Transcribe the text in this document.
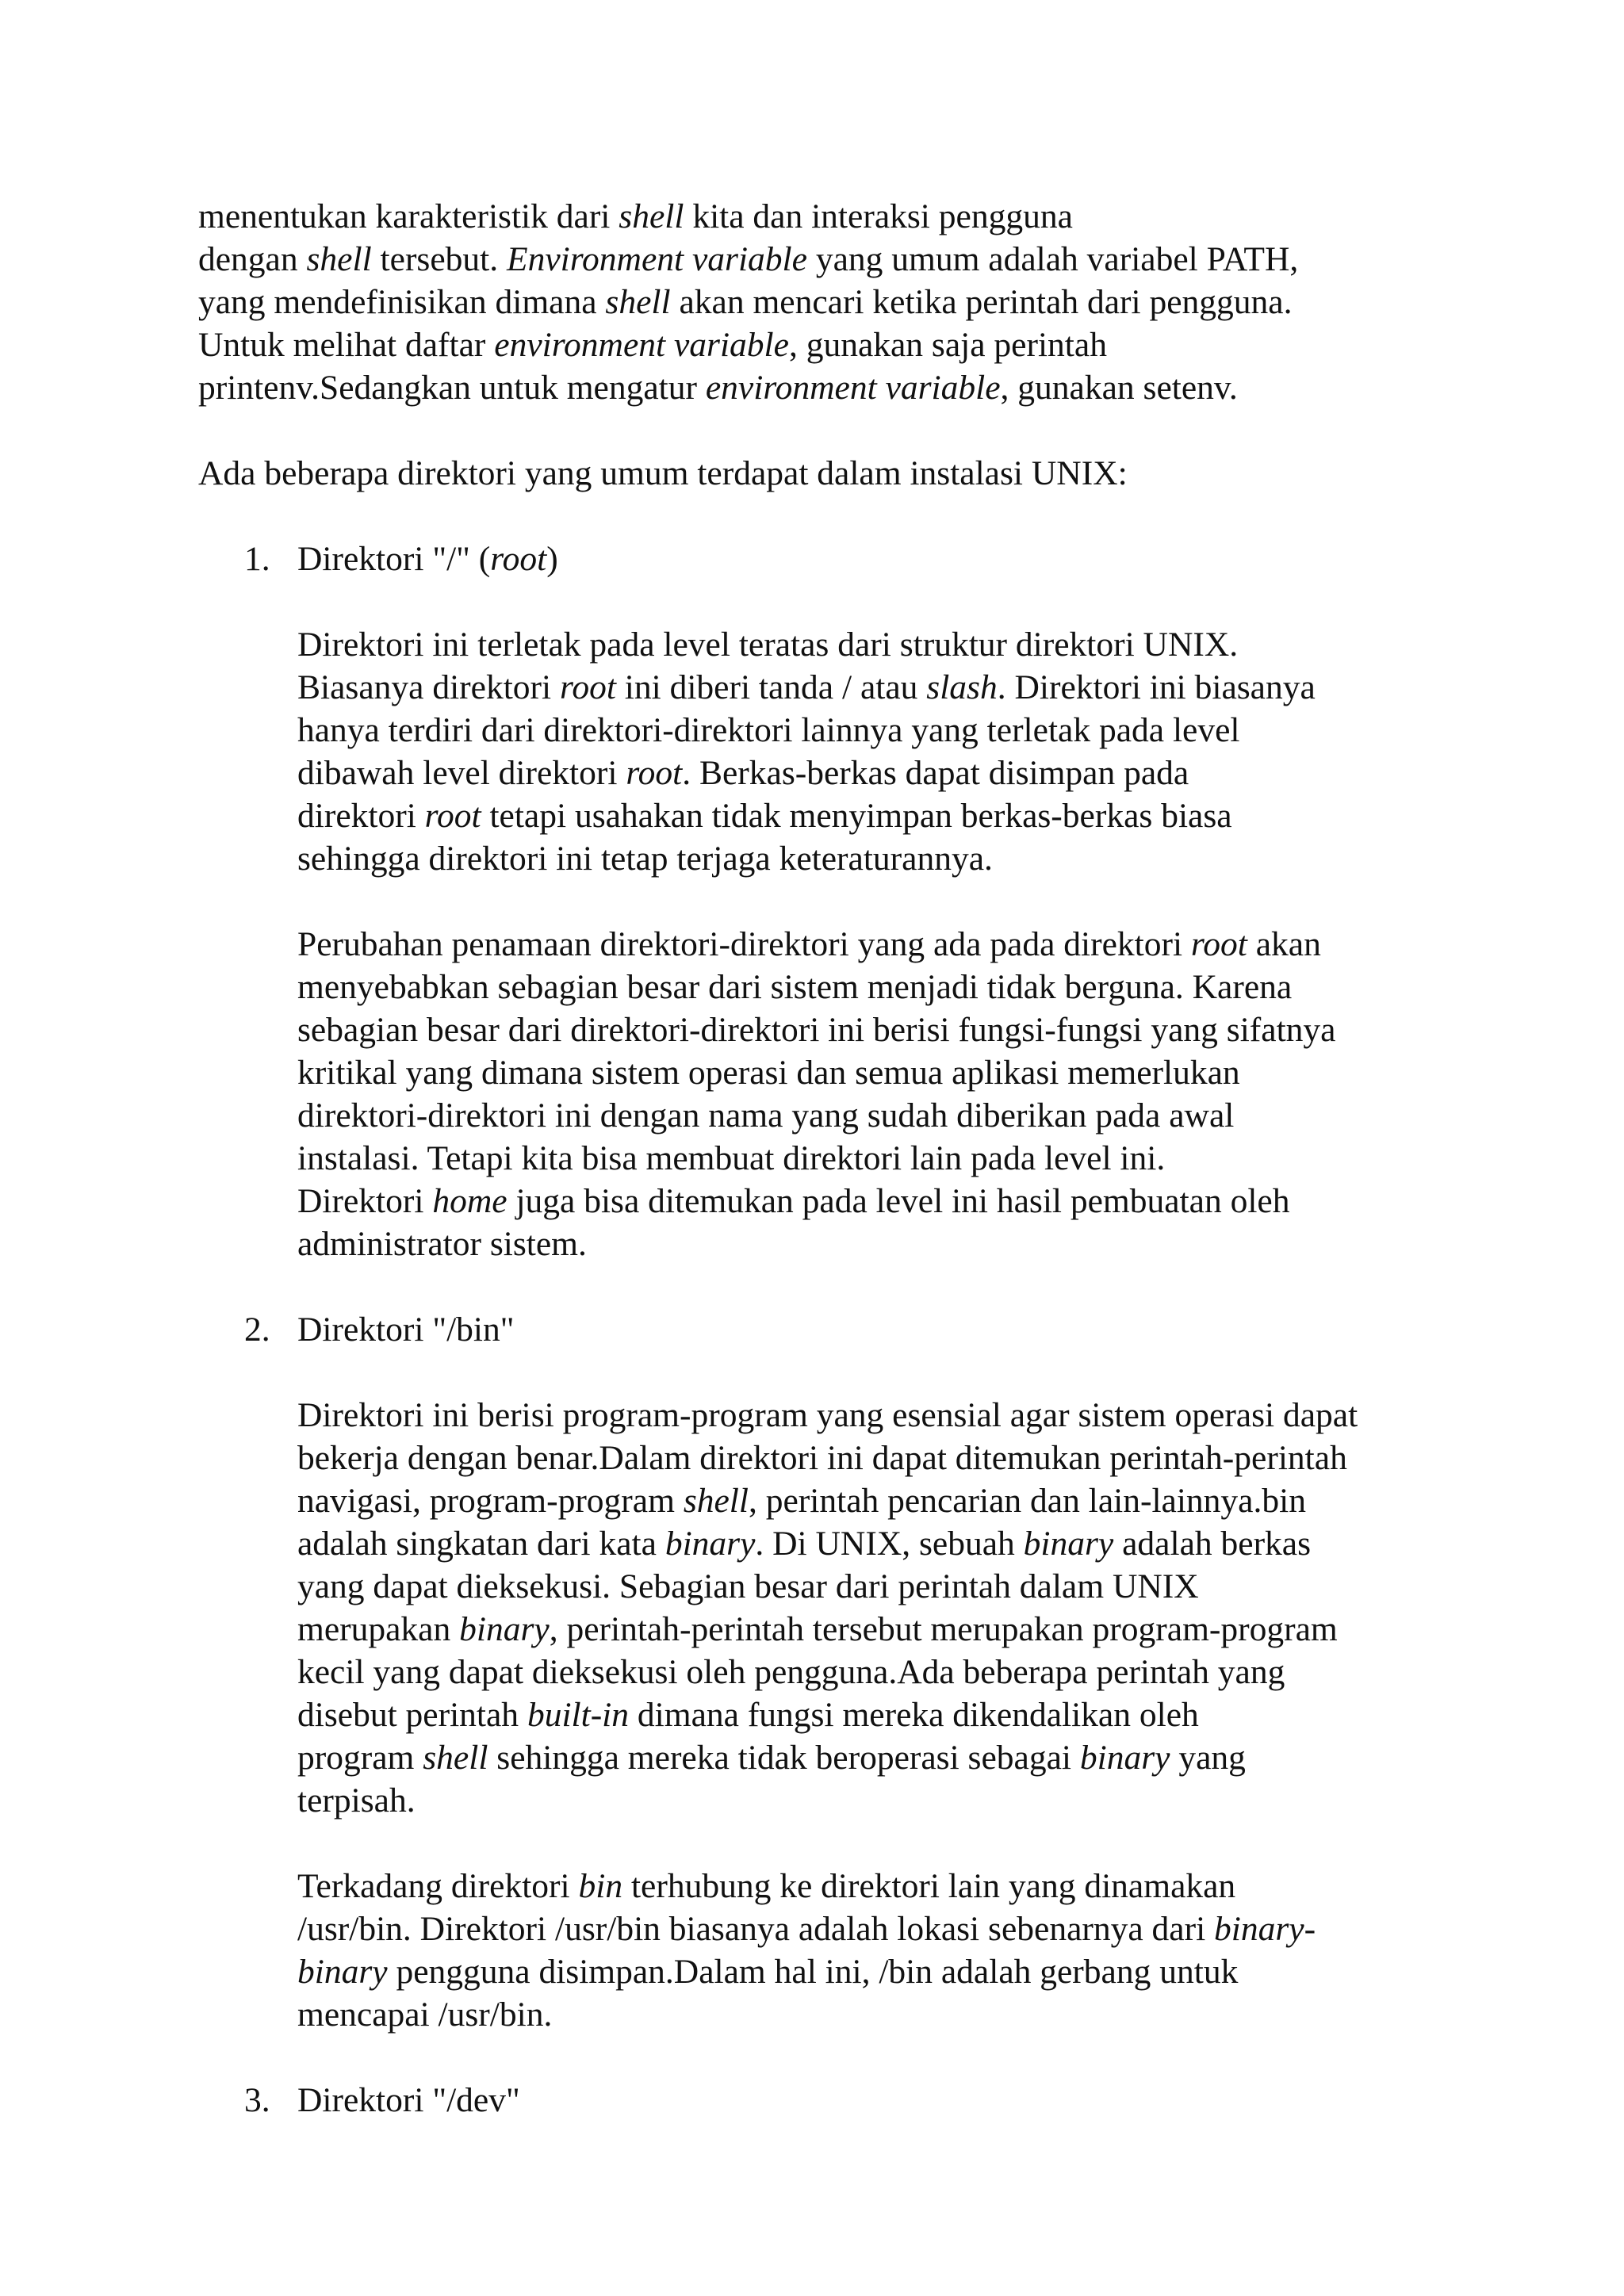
menentukan karakteristik dari shell kita dan interaksi pengguna
dengan shell tersebut. Environment variable yang umum adalah variabel PATH,
yang mendefinisikan dimana shell akan mencari ketika perintah dari pengguna.
Untuk melihat daftar environment variable, gunakan saja perintah
printenv.Sedangkan untuk mengatur environment variable, gunakan setenv.
Ada beberapa direktori yang umum terdapat dalam instalasi UNIX:
1. Direktori "/" (root)
Direktori ini terletak pada level teratas dari struktur direktori UNIX.
Biasanya direktori root ini diberi tanda / atau slash. Direktori ini biasanya
hanya terdiri dari direktori-direktori lainnya yang terletak pada level
dibawah level direktori root. Berkas-berkas dapat disimpan pada
direktori root tetapi usahakan tidak menyimpan berkas-berkas biasa
sehingga direktori ini tetap terjaga keteraturannya.
Perubahan penamaan direktori-direktori yang ada pada direktori root akan
menyebabkan sebagian besar dari sistem menjadi tidak berguna. Karena
sebagian besar dari direktori-direktori ini berisi fungsi-fungsi yang sifatnya
kritikal yang dimana sistem operasi dan semua aplikasi memerlukan
direktori-direktori ini dengan nama yang sudah diberikan pada awal
instalasi. Tetapi kita bisa membuat direktori lain pada level ini.
Direktori home juga bisa ditemukan pada level ini hasil pembuatan oleh
administrator sistem.
2. Direktori "/bin"
Direktori ini berisi program-program yang esensial agar sistem operasi dapat
bekerja dengan benar.Dalam direktori ini dapat ditemukan perintah-perintah
navigasi, program-program shell, perintah pencarian dan lain-lainnya.bin
adalah singkatan dari kata binary. Di UNIX, sebuah binary adalah berkas
yang dapat dieksekusi. Sebagian besar dari perintah dalam UNIX
merupakan binary, perintah-perintah tersebut merupakan program-program
kecil yang dapat dieksekusi oleh pengguna.Ada beberapa perintah yang
disebut perintah built-in dimana fungsi mereka dikendalikan oleh
program shell sehingga mereka tidak beroperasi sebagai binary yang
terpisah.
Terkadang direktori bin terhubung ke direktori lain yang dinamakan
/usr/bin. Direktori /usr/bin biasanya adalah lokasi sebenarnya dari binary-
binary pengguna disimpan.Dalam hal ini, /bin adalah gerbang untuk
mencapai /usr/bin.
3. Direktori "/dev"
